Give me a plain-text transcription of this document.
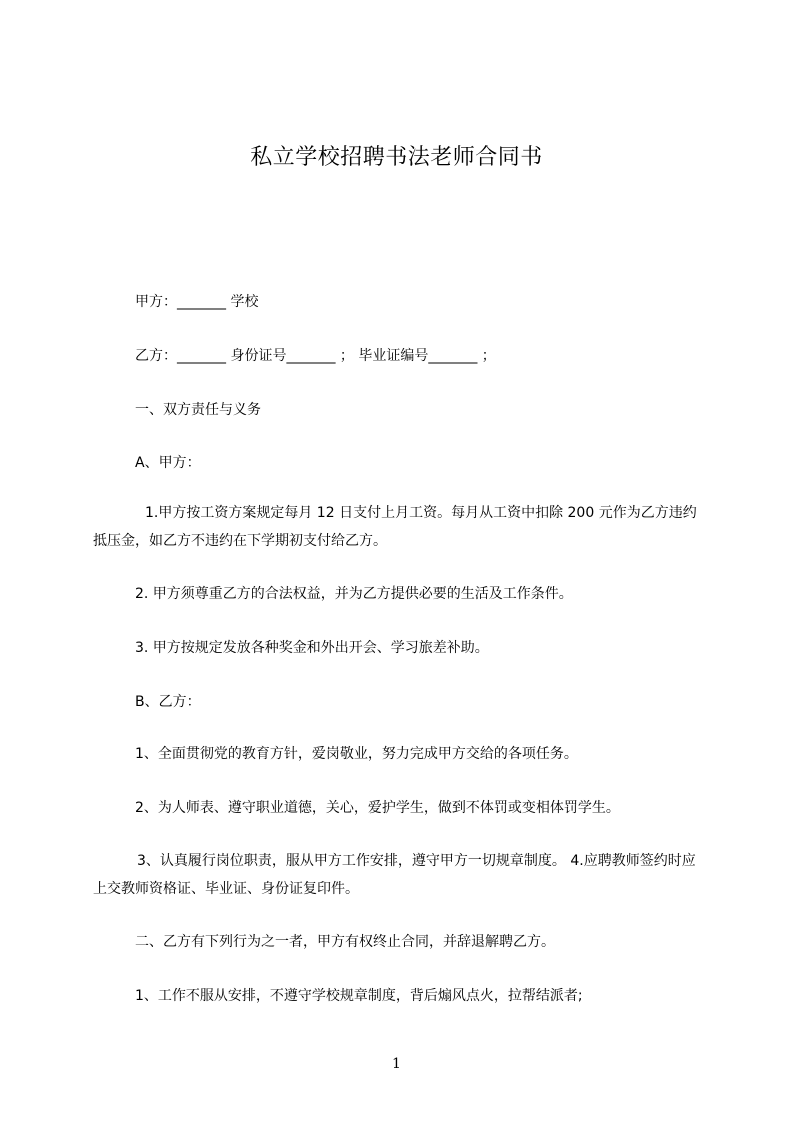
私立学校招聘书法老师合同书
甲方：_______ 学校
乙方：_______ 身份证号_______ ； 毕业证编号_______ ；
一、双方责任与义务
A、甲方：
1.甲方按工资方案规定每月 12 日支付上月工资。每月从工资中扣除 200 元作为乙方违约抵压金，如乙方不违约在下学期初支付给乙方。
2. 甲方须尊重乙方的合法权益，并为乙方提供必要的生活及工作条件。
3. 甲方按规定发放各种奖金和外出开会、学习旅差补助。
B、乙方：
1、全面贯彻党的教育方针，爱岗敬业，努力完成甲方交给的各项任务。
2、为人师表、遵守职业道德，关心，爱护学生，做到不体罚或变相体罚学生。
3、认真履行岗位职责，服从甲方工作安排，遵守甲方一切规章制度。 4.应聘教师签约时应上交教师资格证、毕业证、身份证复印件。
二、乙方有下列行为之一者，甲方有权终止合同，并辞退解聘乙方。
1、工作不服从安排，不遵守学校规章制度，背后煽风点火，拉帮结派者;
1
